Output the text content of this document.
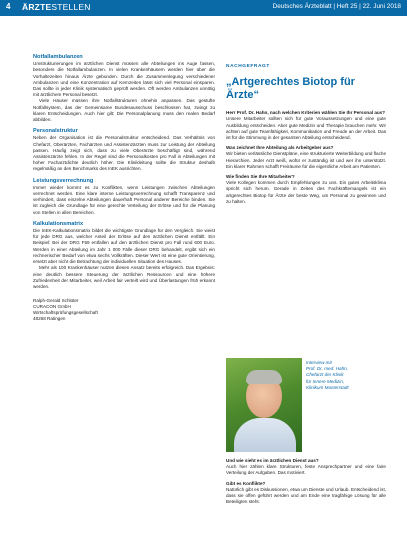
4 ÄRZTESTELLEN	Deutsches Ärzteblatt | Heft 25 | 22. Juni 2018
Notfallambulanzen
Umstrukturierungen im ärztlichen Dienst müssen alle Abteilungen ins Auge fassen, besonders die Notfallambulanzen. In vielen Krankenhäusern werden hier über die Vorhaltezeiten hinaus Ärzte gebunden. Durch die Zusammenlegung verschiedener Ambulanzen und eine Konzentration auf Kernzeiten lässt sich viel Personal einsparen. Das sollte in jeder Klinik systematisch geprüft werden. Oft werden Ambulanzen unnötig mit ärztlichem Personal besetzt.
Viele Häuser müssen ihre Notfallstrukturen ohnehin anpassen. Das gestufte Notfallsystem, das der Gemeinsame Bundesausschuss beschlossen hat, zwingt zu klaren Entscheidungen. Auch hier gilt: Die Personalplanung muss den realen Bedarf abbilden.
Personalstruktur
Neben der Organisation ist die Personalstruktur entscheidend. Das Verhältnis von Chefarzt, Oberärzten, Fachärzten und Assistenzärzten muss zur Leistung der Abteilung passen. Häufig zeigt sich, dass zu viele Oberärzte beschäftigt sind, während Assistenzärzte fehlen. In der Regel sind die Personalkosten pro Fall in Abteilungen mit hoher Facharztdichte deutlich höher. Die Klinikleitung sollte die Struktur deshalb regelmäßig an den Benchmarks des InEK ausrichten.
Leistungsverrechnung
Immer wieder kommt es zu Konflikten, wenn Leistungen zwischen Abteilungen verrechnet werden. Eine klare interne Leistungsverrechnung schafft Transparenz und verhindert, dass einzelne Abteilungen dauerhaft Personal anderer Bereiche binden. Sie ist zugleich die Grundlage für eine gerechte Verteilung der Erlöse und für die Planung von Stellen in allen Bereichen.
Kalkulationsmatrix
Die InEK-Kalkulationsmatrix bildet die wichtigste Grundlage für den Vergleich. Sie weist für jede DRG aus, welcher Anteil der Erlöse auf den ärztlichen Dienst entfällt. Ein Beispiel: Bei der DRG F59 entfallen auf den ärztlichen Dienst pro Fall rund 600 Euro. Werden in einer Abteilung im Jahr 1 000 Fälle dieser DRG behandelt, ergibt sich ein rechnerischer Bedarf von etwa sechs Vollkräften. Dieser Wert ist eine gute Orientierung, ersetzt aber nicht die Betrachtung der individuellen Situation des Hauses.
Mehr als 100 Krankenhäuser nutzen diesen Ansatz bereits erfolgreich. Das Ergebnis: eine deutlich bessere Steuerung der ärztlichen Ressourcen und eine höhere Zufriedenheit der Mitarbeiter, weil Arbeit fair verteilt wird und Überlastungen früh erkannt werden.
Ralph-Gerald Schlüter
CURACON GmbH
Wirtschaftsprüfungsgesellschaft
48268 Ratingen
NACHGEFRAGT
„Artgerechtes Biotop für Ärzte“
Herr Prof. Dr. Hahn, nach welchen Kriterien wählen Sie Ihr Personal aus?
Unsere Mitarbeiter sollten sich für gute Voraussetzungen und eine gute Ausbildung entscheiden. Aber gute Medizin und Therapie brauchen mehr. Wir achten auf gute Teamfähigkeit, Kommunikation und Freude an der Arbeit. Das ist für die Stimmung in der gesamten Abteilung entscheidend.
Was zeichnet Ihre Abteilung als Arbeitgeber aus?
Wir bieten verlässliche Dienstpläne, eine strukturierte Weiterbildung und flache Hierarchien. Jeder Arzt weiß, wofür er zuständig ist und wer ihn unterstützt. Ein klarer Rahmen schafft Freiräume für die eigentliche Arbeit am Patienten.
Wie finden Sie Ihre Mitarbeiter?
Viele Kollegen kommen durch Empfehlungen zu uns. Ein gutes Arbeitsklima spricht sich herum. Gerade in Zeiten des Fachkräftemangels ist ein artgerechtes Biotop für Ärzte der beste Weg, um Personal zu gewinnen und zu halten.
Interview mit
Prof. Dr. med. Hahn,
Chefarzt der Klinik
für Innere Medizin,
Klinikum Musterstadt
Und wie sieht es im ärztlichen Dienst aus?
Auch hier zählen klare Strukturen, feste Ansprechpartner und eine faire Verteilung der Aufgaben. Das motiviert.
Gibt es Konflikte?
Natürlich gibt es Diskussionen, etwa um Dienste und Urlaub. Entscheidend ist, dass sie offen geführt werden und am Ende eine tragfähige Lösung für alle Beteiligten steht.
